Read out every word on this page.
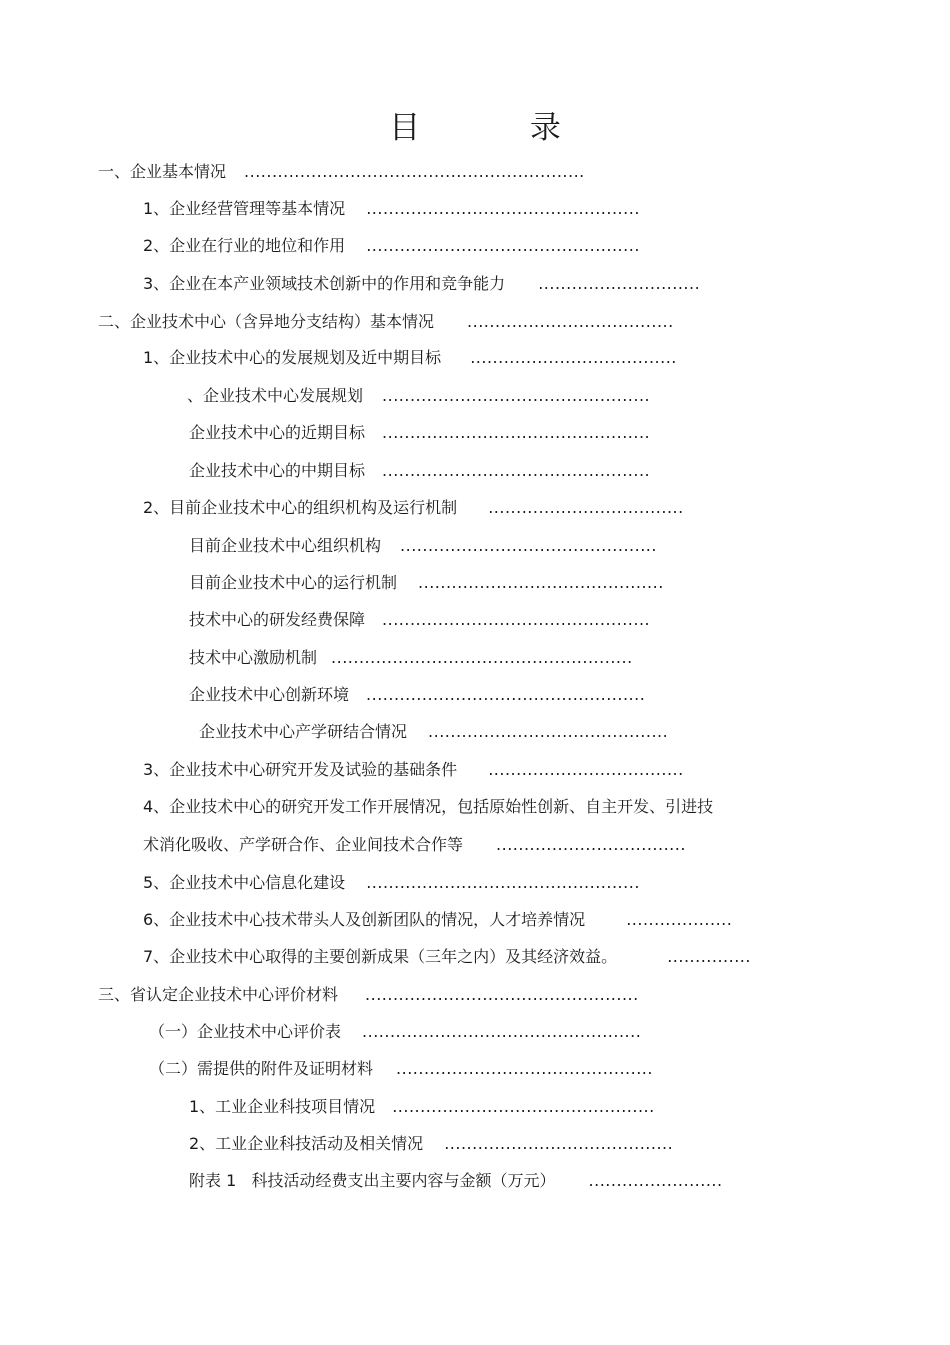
目 录
一、企业基本情况 .............................................................
1、企业经营管理等基本情况 .................................................
2、企业在行业的地位和作用 .................................................
3、企业在本产业领域技术创新中的作用和竞争能力 .............................
二、企业技术中心（含异地分支结构）基本情况 .....................................
1、企业技术中心的发展规划及近中期目标 .....................................
、企业技术中心发展规划 ................................................
企业技术中心的近期目标 ................................................
企业技术中心的中期目标 ................................................
2、目前企业技术中心的组织机构及运行机制 ...................................
目前企业技术中心组织机构 ..............................................
目前企业技术中心的运行机制 ............................................
技术中心的研发经费保障 ................................................
技术中心激励机制 ......................................................
企业技术中心创新环境 ..................................................
企业技术中心产学研结合情况 ...........................................
3、企业技术中心研究开发及试验的基础条件 ...................................
4、企业技术中心的研究开发工作开展情况，包括原始性创新、自主开发、引进技
术消化吸收、产学研合作、企业间技术合作等 ..................................
5、企业技术中心信息化建设 .................................................
6、企业技术中心技术带头人及创新团队的情况，人才培养情况	...................
7、企业技术中心取得的主要创新成果（三年之内）及其经济效益。	...............
三、省认定企业技术中心评价材料 .................................................
（一）企业技术中心评价表 ..................................................
（二）需提供的附件及证明材料 ..............................................
1、工业企业科技项目情况 ...............................................
2、工业企业科技活动及相关情况 .........................................
附表 1   科技活动经费支出主要内容与金额（万元） ........................
